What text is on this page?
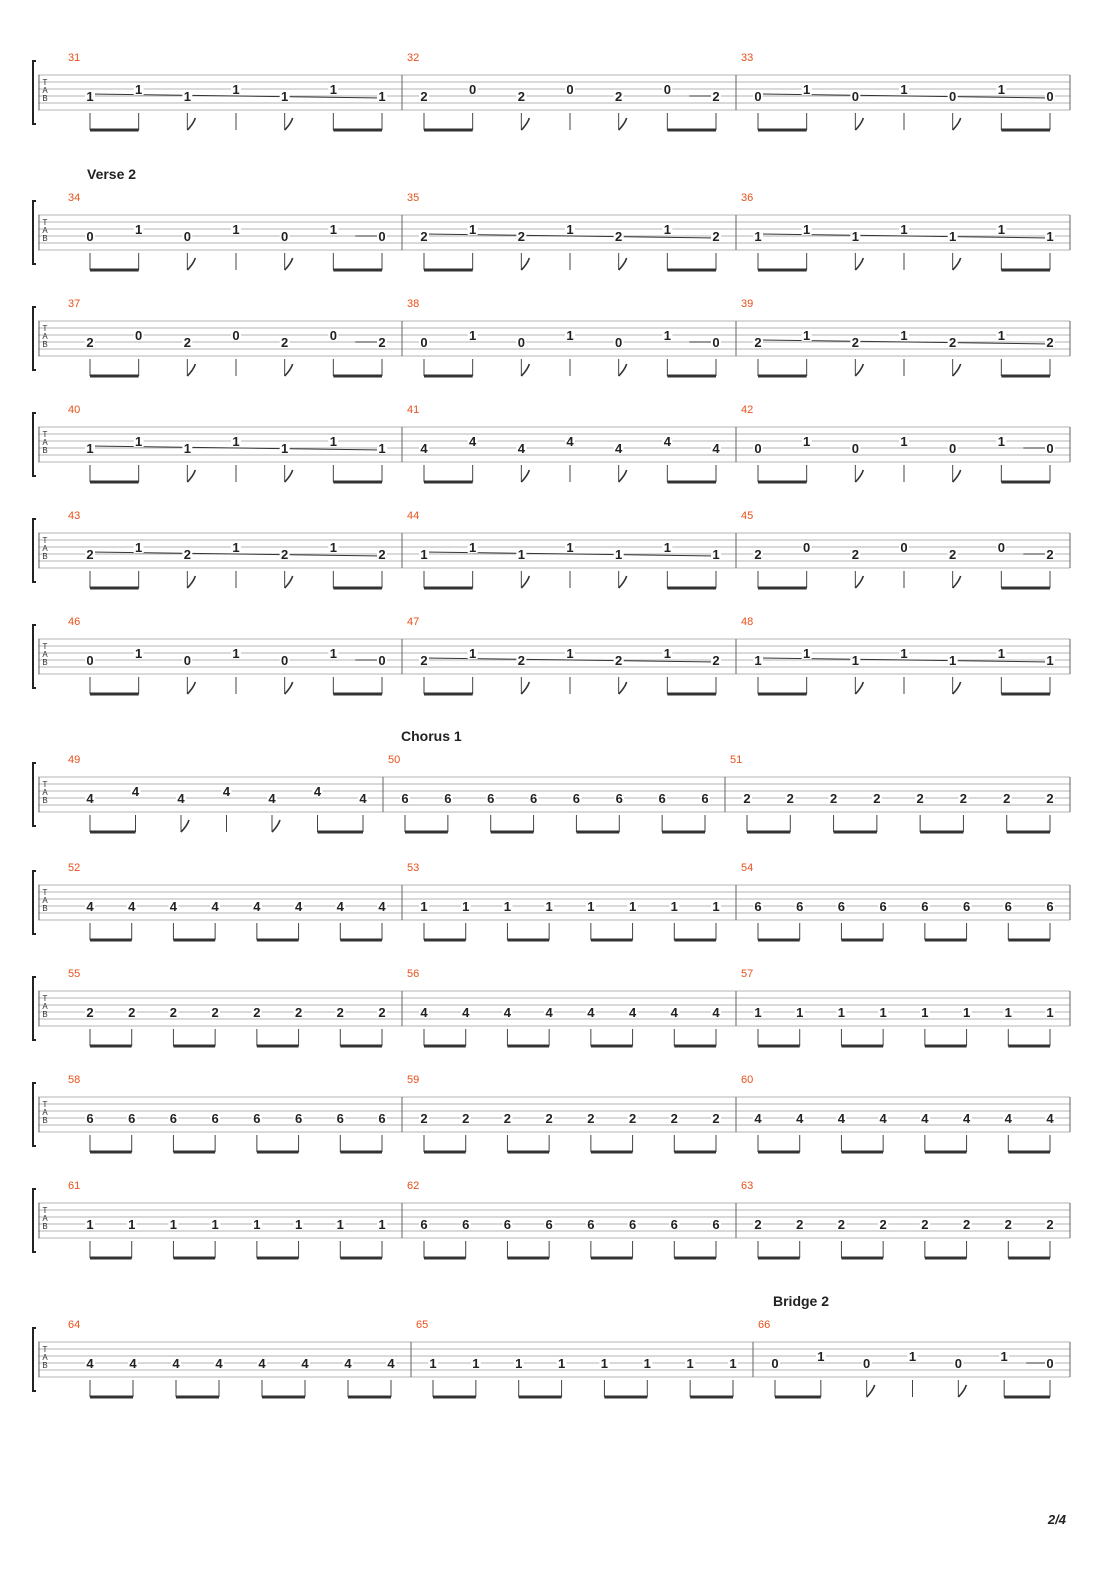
T
A
B
31
1	1	1	1	1	1	1
32
2	0	2	0	2	0	2
33
0	1	0	1	0	1	0
T
A
B
Verse 2
34
0	1	0	1	0	1	0
35
2	1	2	1	2	1	2
36
1	1	1	1	1	1	1
T
A
B
37
2	0	2	0	2	0	2
38
0	1	0	1	0	1	0
39
2	1	2	1	2	1	2
T
A
B
40
1	1	1	1	1	1	1
41
4	4	4	4	4	4	4
42
0	1	0	1	0	1	0
T
A
B
43
2	1	2	1	2	1	2
44
1	1	1	1	1	1	1
45
2	0	2	0	2	0	2
T
A
B
46
0	1	0	1	0	1	0
47
2	1	2	1	2	1	2
48
1	1	1	1	1	1	1
T
A
B
Chorus 1
49
4	4	4	4	4	4	4
50
6	6	6	6	6	6	6	6
51
2	2	2	2	2	2	2	2
T
A
B
52
4	4	4	4	4	4	4	4
53
1	1	1	1	1	1	1	1
54
6	6	6	6	6	6	6	6
T
A
B
55
2	2	2	2	2	2	2	2
56
4	4	4	4	4	4	4	4
57
1	1	1	1	1	1	1	1
T
A
B
58
6	6	6	6	6	6	6	6
59
2	2	2	2	2	2	2	2
60
4	4	4	4	4	4	4	4
T
A
B
61
1	1	1	1	1	1	1	1
62
6	6	6	6	6	6	6	6
63
2	2	2	2	2	2	2	2
T
A
B
Bridge 2
64
4	4	4	4	4	4	4	4
65
1	1	1	1	1	1	1	1
66
0	1	0	1	0	1	0
2/4
